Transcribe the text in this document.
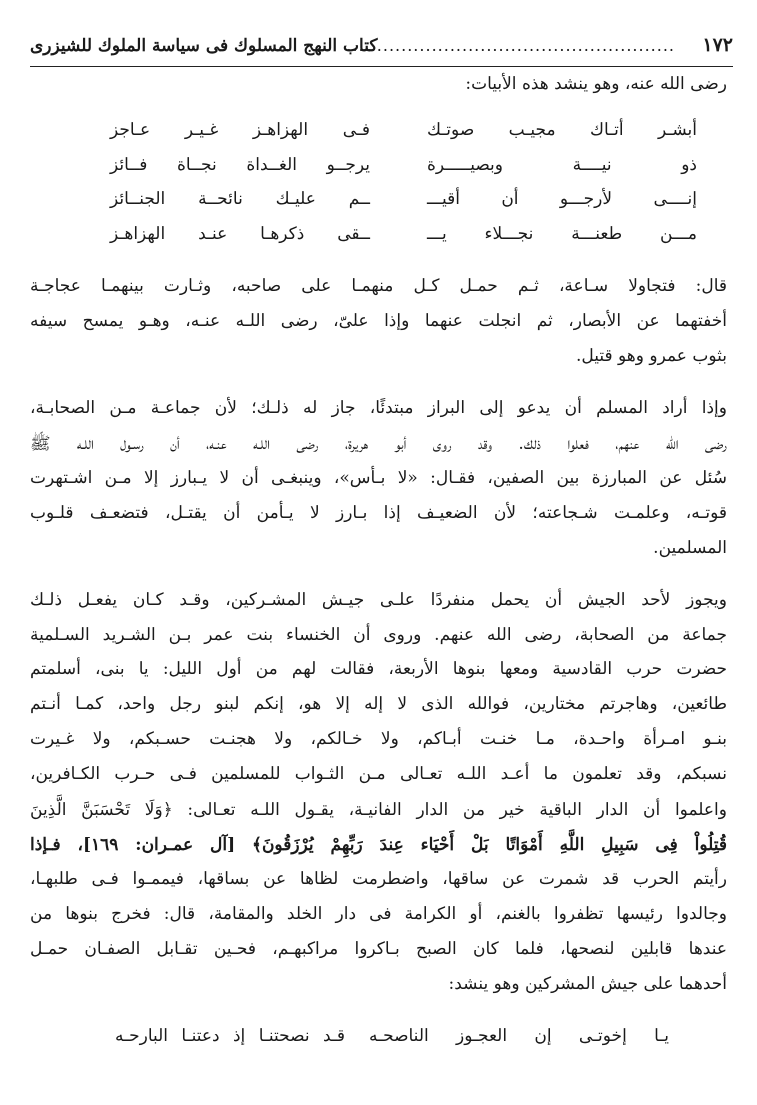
١٧٢
......................................................
كتاب النهج المسلوك فى سياسة الملوك للشيزرى
رضى الله عنه، وهو ينشد هذه الأبيات:
أبشـر أتـاك مجيـب صوتـك
فـى الهزاهـز غـيـر عـاجز
ذو نيــــة وبصيـــــرة
يرجــو الغــداة نجــاة فــائز
إنــــى لأرجـــو أن أقيـــ
ــم عليـك نائحــة الجنــائز
مـــن طعنـــة نجـــلاء يـــ
ــقى ذكرهـا عنـد الهزاهـز
قال: فتجاولا سـاعة، ثـم حمـل كـل منهمـا على صاحبه، وثـارت بينهمـا عجاجـة
أخفتهما عن الأبصار، ثم انجلت عنهما وإذا علىّ، رضى اللـه عنـه، وهـو يمسح سيفه
بثوب عمرو وهو قتيل.
وإذا أراد المسلم أن يدعو إلى البراز مبتدئًا، جاز له ذلـك؛ لأن جماعـة مـن الصحابـة،
رضى الله عنهم، فعلوا ذلك. وقد روى أبو هريرة، رضى اللـه عنـه، أن رسـول اللـه ﷺ
سُئل عن المبارزة بين الصفين، فقـال: «لا بـأس»، وينبغـى أن لا يـبارز إلا مـن اشـتهرت
قوتـه، وعلمـت شـجاعته؛ لأن الضعيـف إذا بـارز لا يـأمن أن يقتـل، فتضعـف قلـوب
المسلمين.
ويجوز لأحد الجيش أن يحمل منفردًا علـى جيـش المشـركين، وقـد كـان يفعـل ذلـك
جماعة من الصحابة، رضى الله عنهم. وروى أن الخنساء بنت عمر بـن الشـريد السـلمية
حضرت حرب القادسية ومعها بنوها الأربعة، فقالت لهم من أول الليل: يا بنى، أسلمتم
طائعين، وهاجرتم مختارين، فوالله الذى لا إله إلا هو، إنكم لبنو رجل واحد، كمـا أنـتم
بنـو امـرأة واحـدة، مـا خنـت أبـاكم، ولا خـالكم، ولا هجنـت حسـبكم، ولا غـيرت
نسبكم، وقد تعلمون ما أعـد اللـه تعـالى مـن الثـواب للمسلمين فـى حـرب الكـافرين،
واعلموا أن الدار الباقية خير من الدار الفانيـة، يقـول اللـه تعـالى: ﴿وَلَا تَحْسَبَنَّ الَّذِينَ
قُتِلُواْ فِى سَبِيلِ اللَّهِ أَمْوَاتًا بَلْ أَحْيَاء عِندَ رَبِّهِمْ يُرْزَقُونَ﴾ [آل عمـران: ١٦٩]، فـإذا
رأيتم الحرب قد شمرت عن ساقها، واضطرمت لظاها عن بساقها، فيممـوا فـى طلبهـا،
وجالدوا رئيسها تظفروا بالغنم، أو الكرامة فى دار الخلد والمقامة، قال: فخرج بنوها من
عندها قابلين لنصحها، فلما كان الصبح بـاكروا مراكبهـم، فحـين تقـابل الصفـان حمـل
أحدهما على جيش المشركين وهو ينشد:
يـا إخوتـى إن العجـوز الناصحـه
قـد نصحتنـا إذ دعتنـا البارحـه
